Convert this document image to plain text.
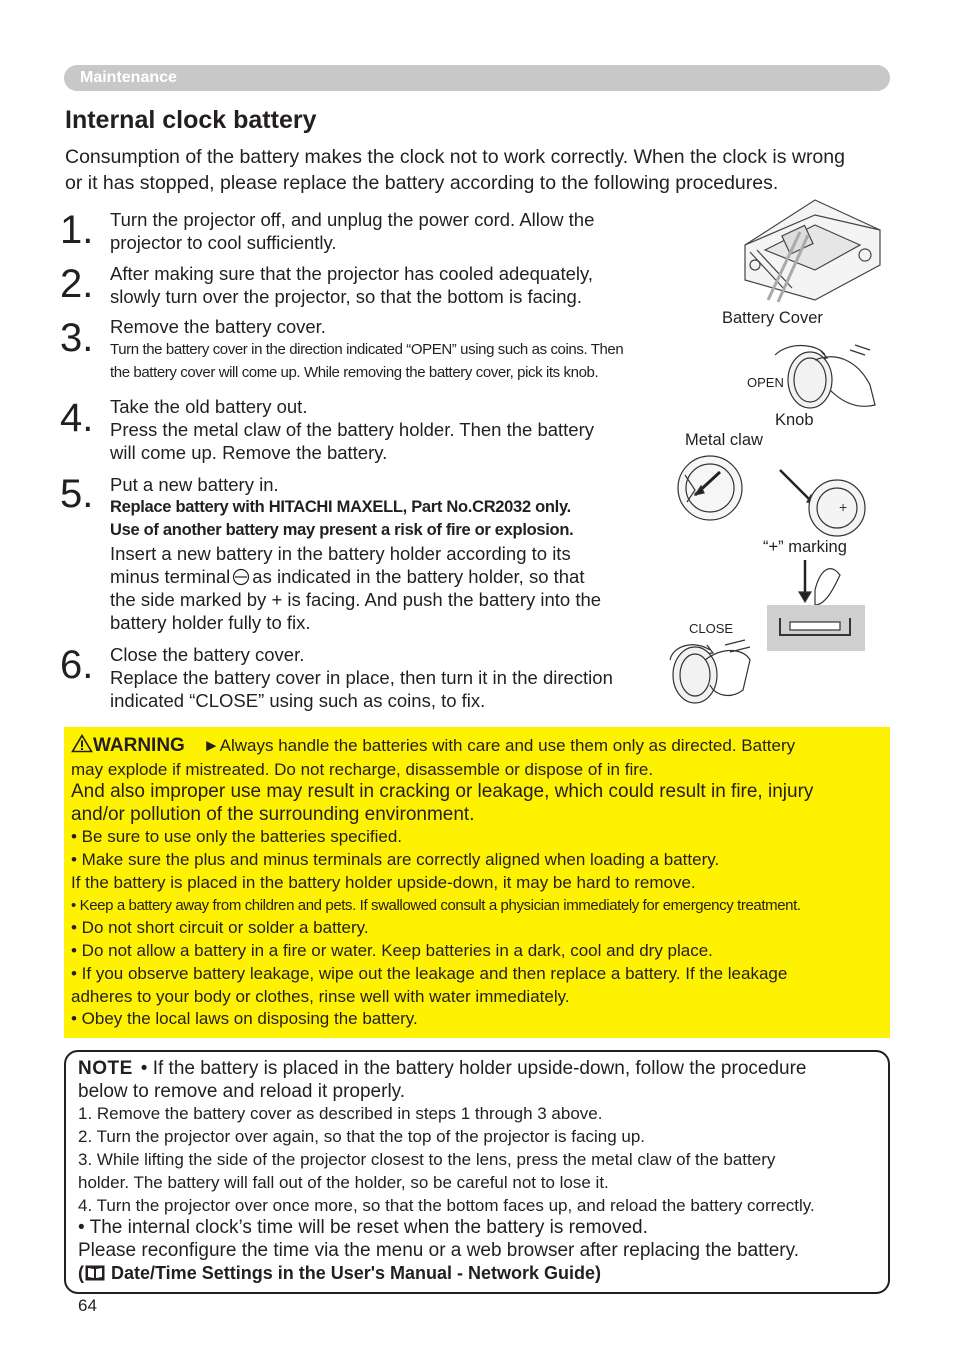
Maintenance
Internal clock battery
Consumption of the battery makes the clock not to work correctly. When the clock is wrong
or it has stopped, please replace the battery according to the following procedures.
1. Turn the projector off, and unplug the power cord. Allow the
projector to cool sufficiently.
2. After making sure that the projector has cooled adequately,
slowly turn over the projector, so that the bottom is facing.
3. Remove the battery cover.
Turn the battery cover in the direction indicated “OPEN” using such as coins. Then
the battery cover will come up. While removing the battery cover, pick its knob.
4. Take the old battery out.
Press the metal claw of the battery holder. Then the battery
will come up. Remove the battery.
5. Put a new battery in.
Replace battery with HITACHI MAXELL, Part No.CR2032 only.
Use of another battery may present a risk of fire or explosion.
Insert a new battery in the battery holder according to its
minus terminal as indicated in the battery holder, so that
the side marked by + is facing. And push the battery into the
battery holder fully to fix.
6. Close the battery cover.
Replace the battery cover in place, then turn it in the direction
indicated “CLOSE” using such as coins, to fix.
Battery Cover
OPEN
Knob
Metal claw
+
“+” marking
CLOSE
WARNING ►Always handle the batteries with care and use them only as directed. Battery
may explode if mistreated. Do not recharge, disassemble or dispose of in fire.
And also improper use may result in cracking or leakage, which could result in fire, injury
and/or pollution of the surrounding environment.
• Be sure to use only the batteries specified.
• Make sure the plus and minus terminals are correctly aligned when loading a battery.
If the battery is placed in the battery holder upside-down, it may be hard to remove.
• Keep a battery away from children and pets. If swallowed consult a physician immediately for emergency treatment.
• Do not short circuit or solder a battery.
• Do not allow a battery in a fire or water. Keep batteries in a dark, cool and dry place.
• If you observe battery leakage, wipe out the leakage and then replace a battery. If the leakage
adheres to your body or clothes, rinse well with water immediately.
• Obey the local laws on disposing the battery.
NOTE • If the battery is placed in the battery holder upside-down, follow the procedure
below to remove and reload it properly.
1. Remove the battery cover as described in steps 1 through 3 above.
2. Turn the projector over again, so that the top of the projector is facing up.
3. While lifting the side of the projector closest to the lens, press the metal claw of the battery
holder. The battery will fall out of the holder, so be careful not to lose it.
4. Turn the projector over once more, so that the bottom faces up, and reload the battery correctly.
• The internal clock’s time will be reset when the battery is removed.
Please reconfigure the time via the menu or a web browser after replacing the battery.
( Date/Time Settings in the User's Manual - Network Guide)
64
